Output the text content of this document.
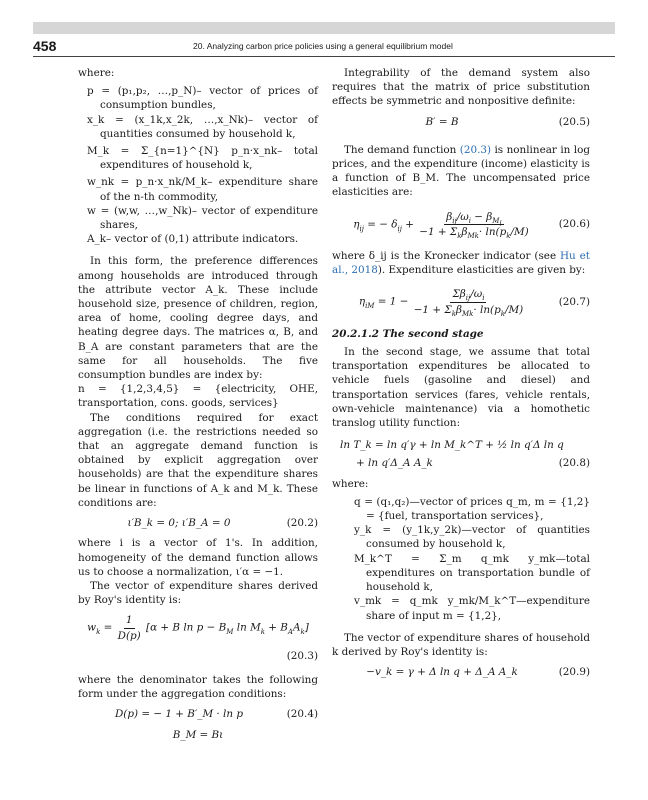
458	20. Analyzing carbon price policies using a general equilibrium model

where:

p = (p₁,p₂, …,p_N)– vector of prices of consumption bundles,

x_k = (x_1k,x_2k, …,x_Nk)– vector of quantities consumed by household k,

M_k = Σ_{n=1}^{N} p_n·x_nk– total expenditures of household k,

w_nk = p_n·x_nk/M_k– expenditure share of the n-th commodity,

w = (w,w, …,w_Nk)– vector of expenditure shares,

A_k– vector of (0,1) attribute indicators.

In this form, the preference differences among households are introduced through the attribute vector A_k. These include household size, presence of children, region, area of home, cooling degree days, and heating degree days. The matrices α, B, and B_A are constant parameters that are the same for all households. The five consumption bundles are index by:

n = {1,2,3,4,5} = {electricity, OHE, transportation, cons. goods, services}

The conditions required for exact aggregation (i.e. the restrictions needed so that an aggregate demand function is obtained by explicit aggregation over households) are that the expenditure shares be linear in functions of A_k and M_k. These conditions are:

ι′B_k = 0; ι′B_A = 0	(20.2)

where i is a vector of 1's. In addition, homogeneity of the demand function allows us to choose a normalization, ι′α = −1.

The vector of expenditure shares derived by Roy's identity is:

$w_k = \frac{1}{D(p)} [\alpha + B$ $\ln p - B_M$ $\ln M_k + B_AA_k$]
(20.3)

where the denominator takes the following form under the aggregation conditions:

D(p) = − 1 + B′_M · ln p	(20.4)
B_M = Bι

Integrability of the demand system also requires that the matrix of price substitution effects be symmetric and nonpositive definite:

B′ = B	(20.5)

The demand function (20.3) is nonlinear in log prices, and the expenditure (income) elasticity is a function of B_M. The uncompensated price elasticities are:

$\eta_{ij}$ = − $\delta_{ij} + \frac{\beta_{ij}/\omega_i - \beta_{M_i}}{-1 + \Sigma_k\beta_{Mk}\cdot \ln(p_k/M)}$	(20.6)

where δ_ij is the Kronecker indicator (see Hu et al., 2018). Expenditure elasticities are given by:

$\eta_{iM} = 1 - \frac{\Sigma\beta_{ij}/\omega_i}{-1 + \Sigma_k\beta_{Mk}\cdot \ln(p_k/M)}$	(20.7)

20.2.1.2 The second stage

In the second stage, we assume that total transportation expenditures be allocated to vehicle fuels (gasoline and diesel) and transportation services (fares, vehicle rentals, own-vehicle maintenance) via a homothetic translog utility function:

ln T_k = ln q′γ + ln M_k^T + ½ ln q′Δ ln q
+ ln q′Δ_A A_k	(20.8)

where:

q = (q₁,q₂)—vector of prices q_m, m = {1,2} = {fuel, transportation services},

y_k = (y_1k,y_2k)—vector of quantities consumed by household k,

M_k^T = Σ_m q_mk y_mk—total expenditures on transportation bundle of household k,

v_mk = q_mk y_mk/M_k^T—expenditure share of input m = {1,2},

The vector of expenditure shares of household k derived by Roy's identity is:

−v_k = γ + Δ ln q + Δ_A A_k	(20.9)
